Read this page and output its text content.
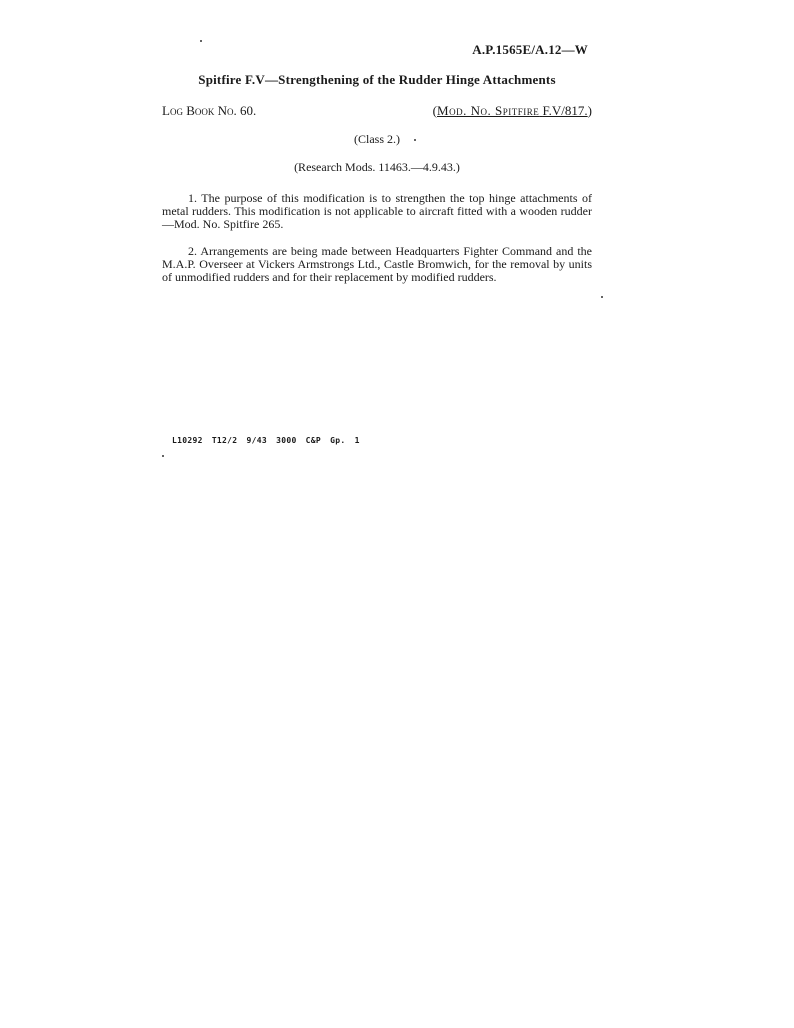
A.P.1565E/A.12—W
Spitfire F.V—Strengthening of the Rudder Hinge Attachments
Log Book No. 60.	(Mod. No. Spitfire F.V/817.)
(Class 2.)
(Research Mods. 11463.—4.9.43.)

1. The purpose of this modification is to strengthen the top hinge attachments of metal rudders. This modification is not applicable to aircraft fitted with a wooden rudder—Mod. No. Spitfire 265.

2. Arrangements are being made between Headquarters Fighter Command and the M.A.P. Overseer at Vickers Armstrongs Ltd., Castle Bromwich, for the removal by units of unmodified rudders and for their replacement by modified rudders.

L10292 T12/2 9/43 3000 C&P Gp. 1
